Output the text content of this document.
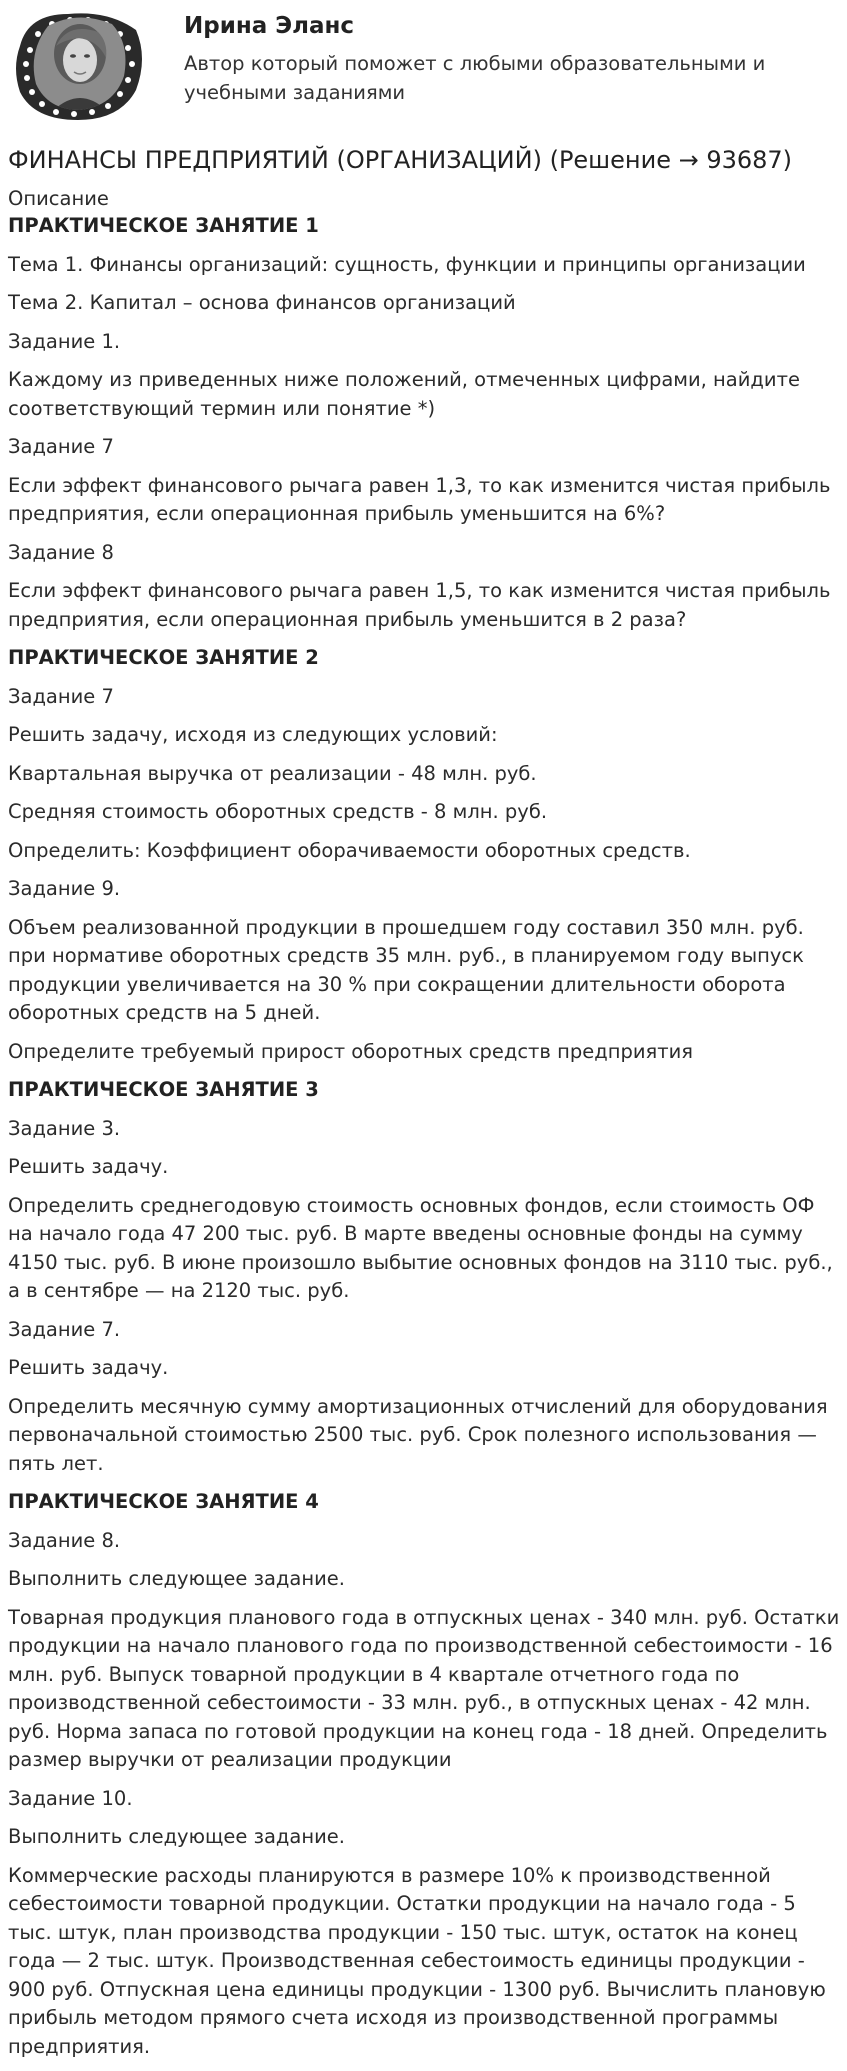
Ирина Эланс
Автор который поможет с любыми образовательными и учебными заданиями
ФИНАНСЫ ПРЕДПРИЯТИЙ (ОРГАНИЗАЦИЙ) (Решение → 93687)
Описание

ПРАКТИЧЕСКОЕ ЗАНЯТИЕ 1

Тема 1. Финансы организаций: сущность, функции и принципы организации

Тема 2. Капитал – основа финансов организаций

Задание 1.

Каждому из приведенных ниже положений, отмеченных цифрами, найдите соответствующий термин или понятие *)

Задание 7

Если эффект финансового рычага равен 1,3, то как изменится чистая прибыль предприятия, если операционная прибыль уменьшится на 6%?

Задание 8

Если эффект финансового рычага равен 1,5, то как изменится чистая прибыль предприятия, если операционная прибыль уменьшится в 2 раза?

ПРАКТИЧЕСКОЕ ЗАНЯТИЕ 2

Задание 7

Решить задачу, исходя из следующих условий:

Квартальная выручка от реализации - 48 млн. руб.

Средняя стоимость оборотных средств - 8 млн. руб.

Определить: Коэффициент оборачиваемости оборотных средств.

Задание 9.

Объем реализованной продукции в прошедшем году составил 350 млн. руб. при нормативе оборотных средств 35 млн. руб., в планируемом году выпуск продукции увеличивается на 30 % при сокращении длительности оборота оборотных средств на 5 дней.

Определите требуемый прирост оборотных средств предприятия

ПРАКТИЧЕСКОЕ ЗАНЯТИЕ 3

Задание 3.

Решить задачу.

Определить среднегодовую стоимость основных фондов, если стоимость ОФ на начало года 47 200 тыс. руб. В марте введены основные фонды на сумму 4150 тыс. руб. В июне произошло выбытие основных фондов на 3110 тыс. руб., а в сентябре — на 2120 тыс. руб.

Задание 7.

Решить задачу.

Определить месячную сумму амортизационных отчислений для оборудования первоначальной стоимостью 2500 тыс. руб. Срок полезного использования — пять лет.

ПРАКТИЧЕСКОЕ ЗАНЯТИЕ 4

Задание 8.

Выполнить следующее задание.

Товарная продукция планового года в отпускных ценах - 340 млн. руб. Остатки продукции на начало планового года по производственной себестоимости - 16 млн. руб. Выпуск товарной продукции в 4 квартале отчетного года по производственной себестоимости - 33 млн. руб., в отпускных ценах - 42 млн. руб. Норма запаса по готовой продукции на конец года - 18 дней. Определить размер выручки от реализации продукции

Задание 10.

Выполнить следующее задание.

Коммерческие расходы планируются в размере 10% к производственной себестоимости товарной продукции. Остатки продукции на начало года - 5 тыс. штук, план производства продукции - 150 тыс. штук, остаток на конец года — 2 тыс. штук. Производственная себестоимость единицы продукции - 900 руб. Отпускная цена единицы продукции - 1300 руб. Вычислить плановую прибыль методом прямого счета исходя из производственной программы предприятия.
